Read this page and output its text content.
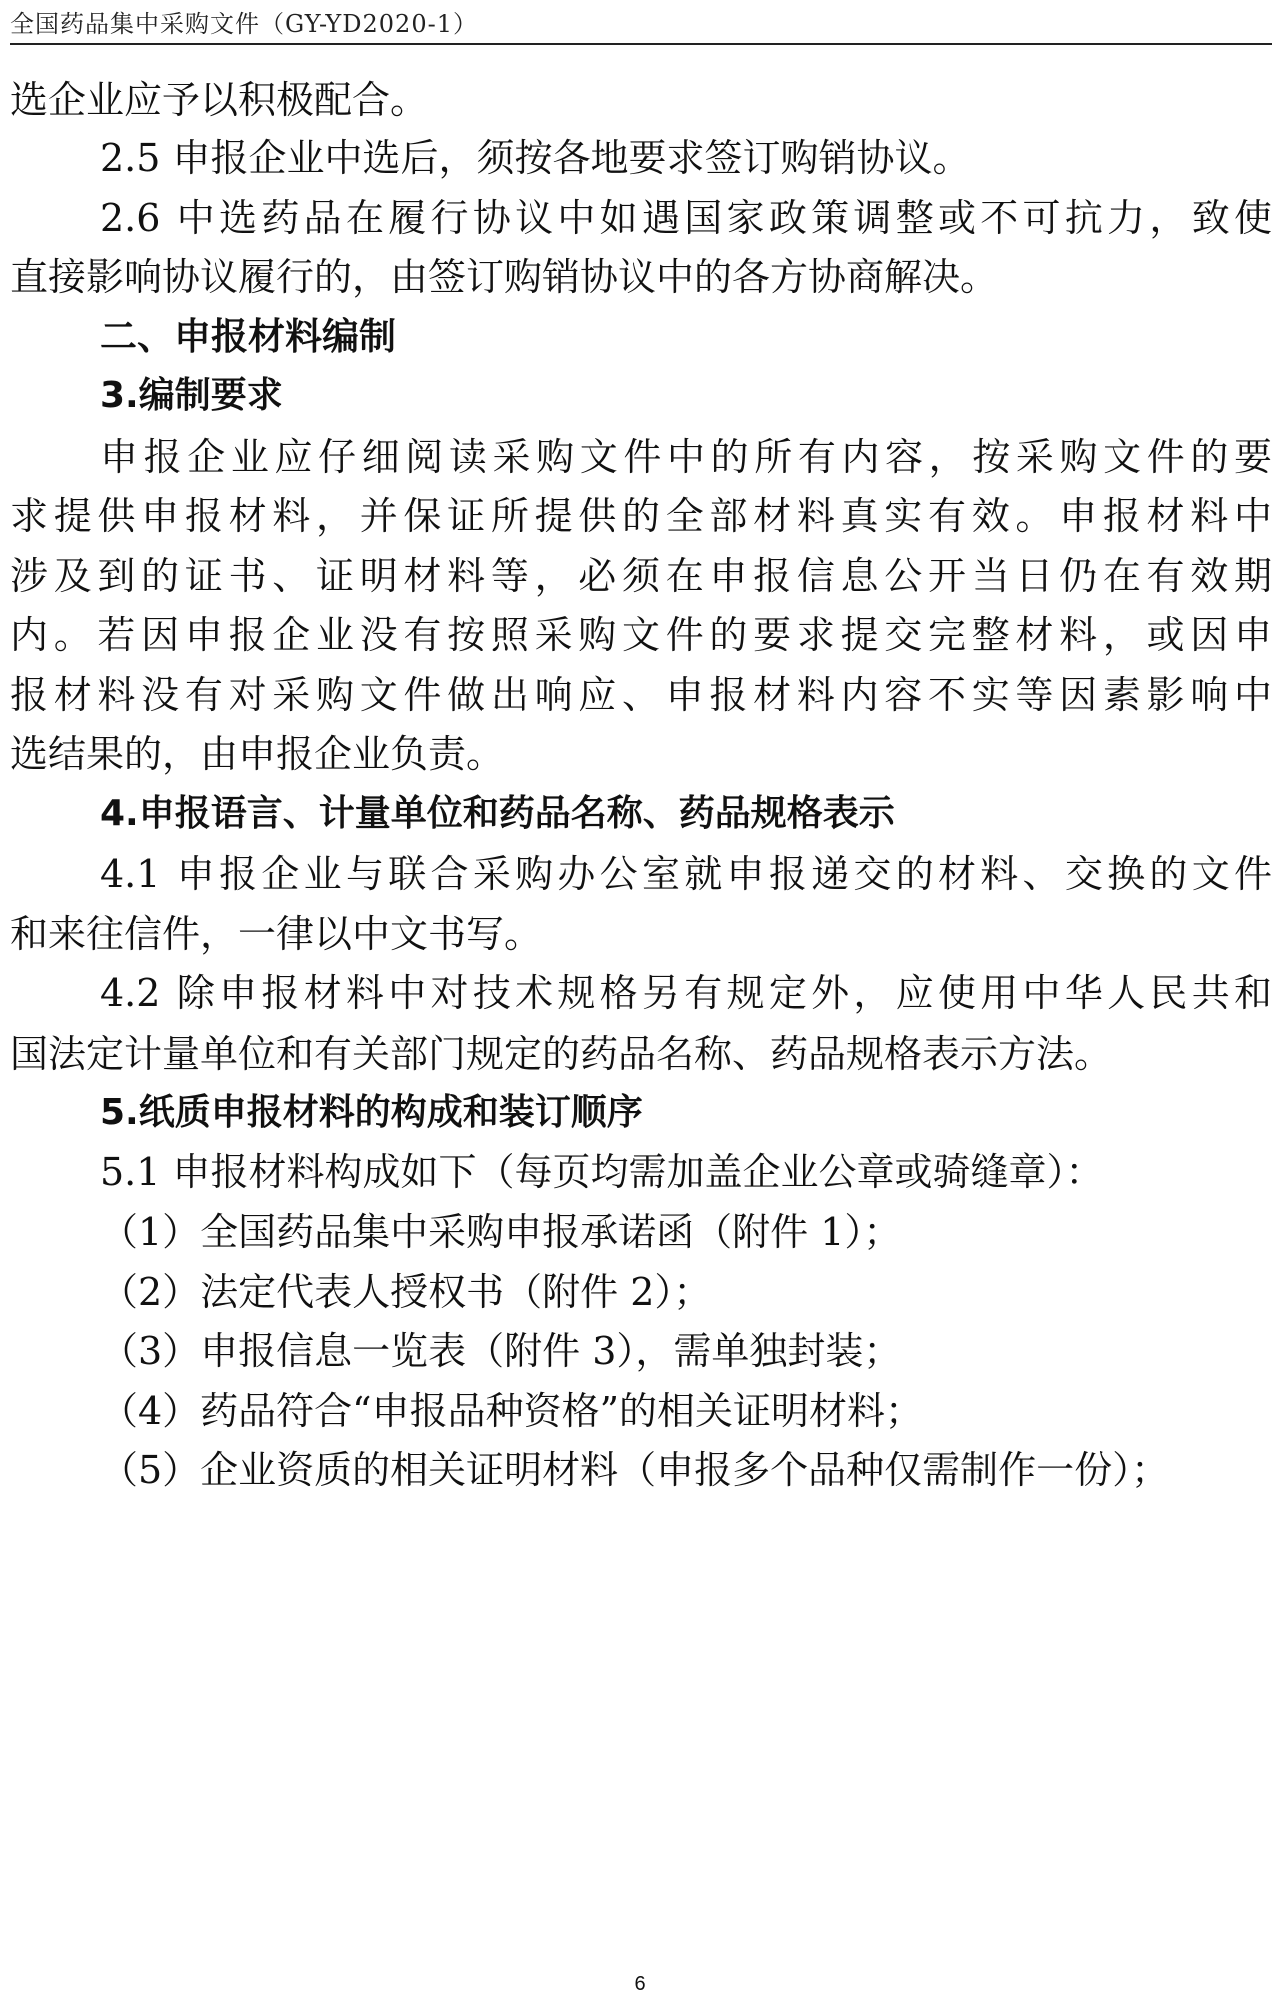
全国药品集中采购文件（GY-YD2020-1）
选企业应予以积极配合。
2.5 申报企业中选后，须按各地要求签订购销协议。
2.6 中选药品在履行协议中如遇国家政策调整或不可抗力，致使
直接影响协议履行的，由签订购销协议中的各方协商解决。
二、申报材料编制
3.编制要求
申报企业应仔细阅读采购文件中的所有内容，按采购文件的要
求提供申报材料，并保证所提供的全部材料真实有效。申报材料中
涉及到的证书、证明材料等，必须在申报信息公开当日仍在有效期
内。若因申报企业没有按照采购文件的要求提交完整材料，或因申
报材料没有对采购文件做出响应、申报材料内容不实等因素影响中
选结果的，由申报企业负责。
4.申报语言、计量单位和药品名称、药品规格表示
4.1 申报企业与联合采购办公室就申报递交的材料、交换的文件
和来往信件，一律以中文书写。
4.2 除申报材料中对技术规格另有规定外，应使用中华人民共和
国法定计量单位和有关部门规定的药品名称、药品规格表示方法。
5.纸质申报材料的构成和装订顺序
5.1 申报材料构成如下（每页均需加盖企业公章或骑缝章）：
（1）全国药品集中采购申报承诺函（附件 1）；
（2）法定代表人授权书（附件 2）；
（3）申报信息一览表（附件 3），需单独封装；
（4）药品符合“申报品种资格”的相关证明材料；
（5）企业资质的相关证明材料（申报多个品种仅需制作一份）；
6
